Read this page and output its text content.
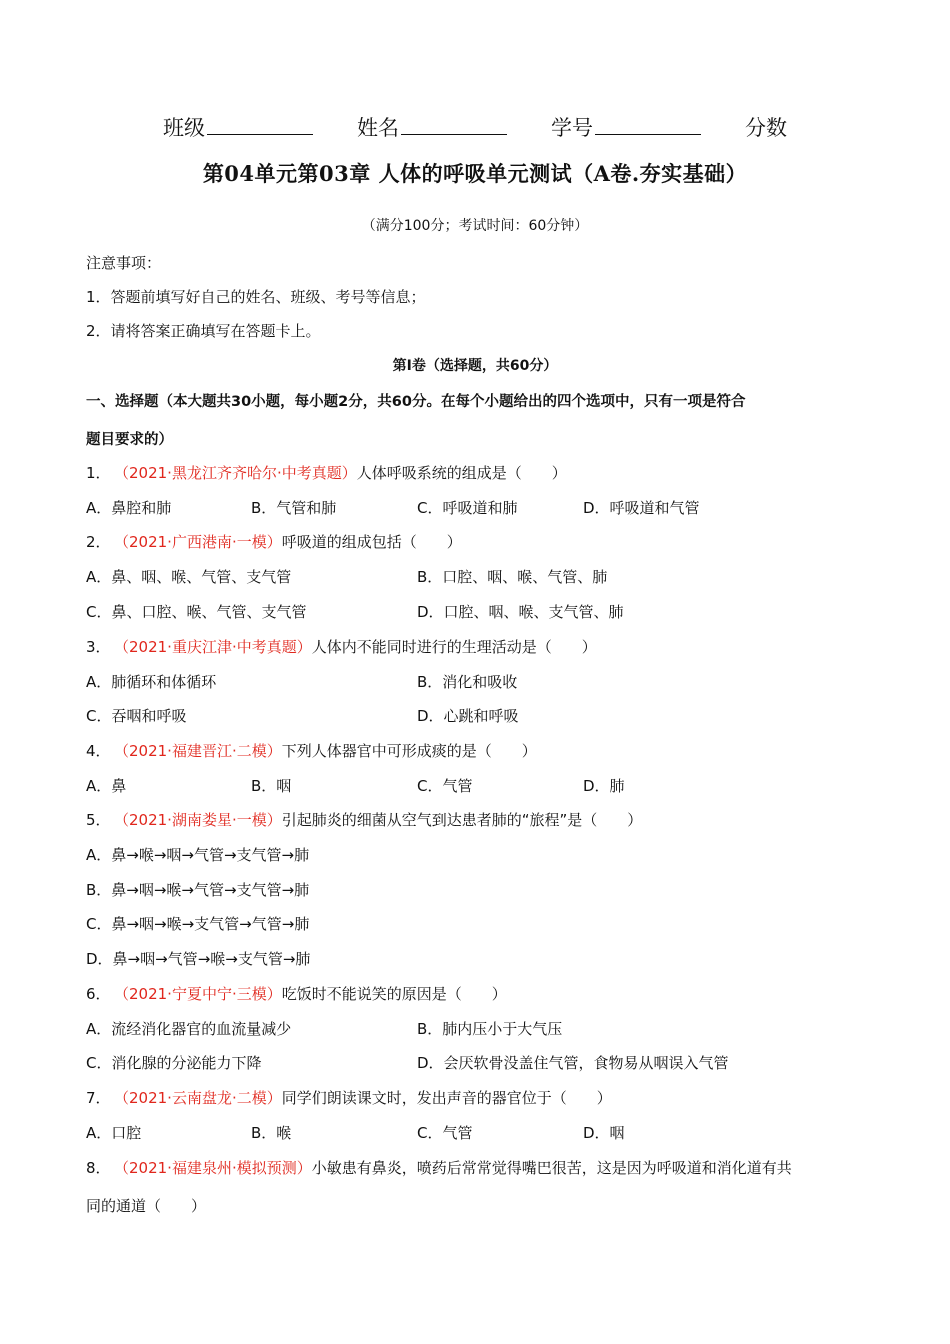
班级	姓名	学号	分数
第04单元第03章 人体的呼吸单元测试（A卷.夯实基础）
（满分100分；考试时间：60分钟）
注意事项：
1．答题前填写好自己的姓名、班级、考号等信息；
2．请将答案正确填写在答题卡上。
第Ⅰ卷（选择题，共60分）
一、选择题（本大题共30小题，每小题2分，共60分。在每个小题给出的四个选项中，只有一项是符合
题目要求的）
1． （2021·黑龙江齐齐哈尔·中考真题）人体呼吸系统的组成是（　　）
A．鼻腔和肺	B．气管和肺	C．呼吸道和肺	D．呼吸道和气管
2． （2021·广西港南·一模）呼吸道的组成包括（　　）
A．鼻、咽、喉、气管、支气管	B．口腔、咽、喉、气管、肺
C．鼻、口腔、喉、气管、支气管	D．口腔、咽、喉、支气管、肺
3． （2021·重庆江津·中考真题）人体内不能同时进行的生理活动是（　　）
A．肺循环和体循环	B．消化和吸收
C．吞咽和呼吸	D．心跳和呼吸
4． （2021·福建晋江·二模）下列人体器官中可形成痰的是（　　）
A．鼻	B．咽	C．气管	D．肺
5． （2021·湖南娄星·一模）引起肺炎的细菌从空气到达患者肺的“旅程”是（　　）
A．鼻→喉→咽→气管→支气管→肺
B．鼻→咽→喉→气管→支气管→肺
C．鼻→咽→喉→支气管→气管→肺
D．鼻→咽→气管→喉→支气管→肺
6． （2021·宁夏中宁·三模）吃饭时不能说笑的原因是（　　）
A．流经消化器官的血流量减少	B．肺内压小于大气压
C．消化腺的分泌能力下降	D．会厌软骨没盖住气管，食物易从咽误入气管
7． （2021·云南盘龙·二模）同学们朗读课文时，发出声音的器官位于（　　）
A．口腔	B．喉	C．气管	D．咽
8． （2021·福建泉州·模拟预测）小敏患有鼻炎，喷药后常常觉得嘴巴很苦，这是因为呼吸道和消化道有共
同的通道（　　）
